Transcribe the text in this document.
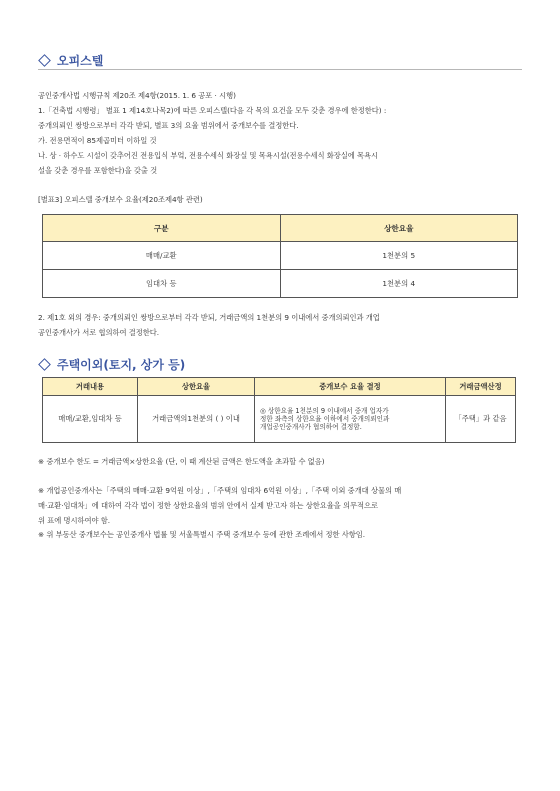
오피스텔
공인중개사법 시행규칙 제20조 제4항(2015. 1. 6 공포 · 시행)
1.「건축법 시행령」 별표 1 제14호나목2)에 따른 오피스텔(다음 각 목의 요건을 모두 갖춘 경우에 한정한다) :
중개의뢰인 쌍방으로부터 각각 받되, 별표 3의 요율 범위에서 중개보수를 결정한다.
가. 전용면적이 85제곱미터 이하일 것
나. 상 · 하수도 시설이 갖추어진 전용입식 부엌, 전용수세식 화장실 및 목욕시설(전용수세식 화장실에 목욕시
설을 갖춘 경우를 포함한다)을 갖출 것
[별표3] 오피스텔 중개보수 요율(제20조제4항 관련)
구분	상한요율
매매/교환	1천분의 5
임대차 등	1천분의 4
2. 제1호 외의 경우: 중개의뢰인 쌍방으로부터 각각 받되, 거래금액의 1천분의 9 이내에서 중개의뢰인과 개업
공인중개사가 서로 협의하여 결정한다.
주택이외(토지, 상가 등)
거래내용	상한요율	중개보수 요율 결정	거래금액산정
매매/교환,임대차 등	거래금액의1천분의 ( ) 이내	◎ 상한요율 1천분의 9 이내에서 중개 업자가
정한 좌측의 상한요율 이하에서 중개의뢰인과
개업공인중개사가 협의하여 결정함.	「주택」과 같음
※ 중개보수 한도 = 거래금액×상한요율 (단, 이 때 계산된 금액은 한도액을 초과할 수 없음)
※ 개업공인중개사는「주택의 매매·교환 9억원 이상」,「주택의 임대차 6억원 이상」,「주택 이외 중개대 상물의 매
매·교환·임대차」에 대하여 각각 법이 정한 상한요율의 범위 안에서 실제 받고자 하는 상한요율을 의무적으로
위 표에 명시하여야 함.
※ 위 부동산 중개보수는 공인중개사 법률 및 서울특별시 주택 중개보수 등에 관한 조례에서 정한 사항임.
